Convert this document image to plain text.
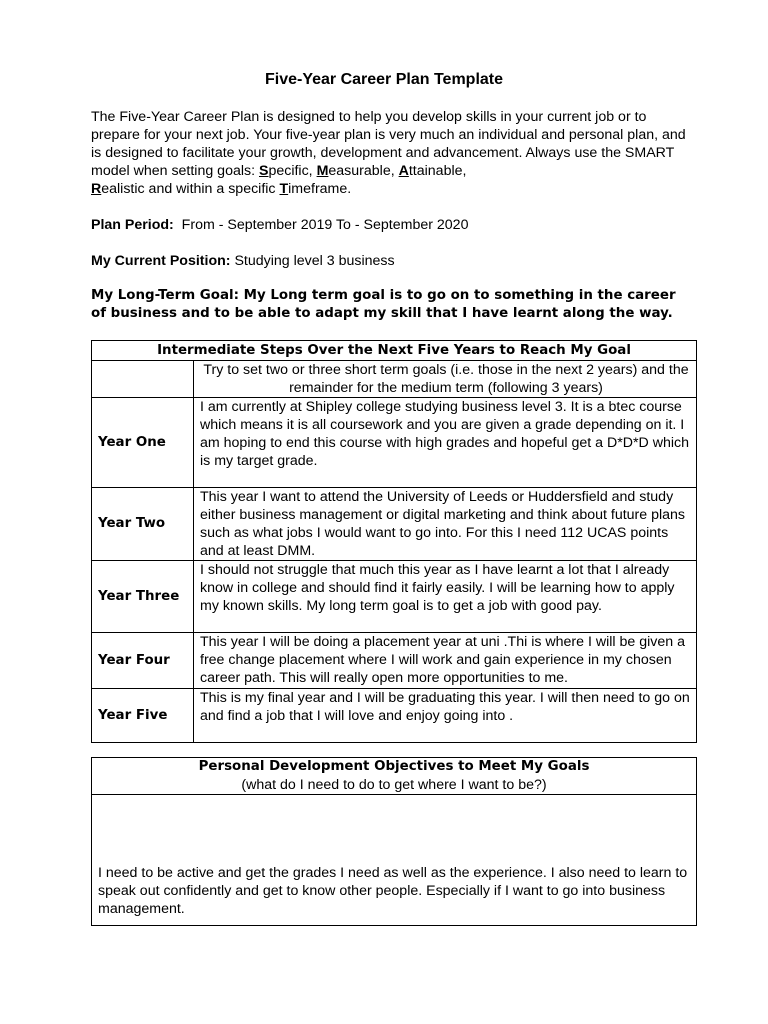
Five-Year Career Plan Template

The Five-Year Career Plan is designed to help you develop skills in your current job or to prepare for your next job. Your five-year plan is very much an individual and personal plan, and is designed to facilitate your growth, development and advancement. Always use the SMART model when setting goals: Specific, Measurable, Attainable,
Realistic and within a specific Timeframe.

Plan Period: From - September 2019 To - September 2020
My Current Position: Studying level 3 business
My Long-Term Goal: My Long term goal is to go on to something in the career of business and to be able to adapt my skill that I have learnt along the way.
Intermediate Steps Over the Next Five Years to Reach My Goal	
	Try to set two or three short term goals (i.e. those in the next 2 years) and the remainder for the medium term (following 3 years)
Year One	I am currently at Shipley college studying business level 3. It is a btec course which means it is all coursework and you are given a grade depending on it. I am hoping to end this course with high grades and hopeful get a D*D*D which is my target grade.
Year Two	This year I want to attend the University of Leeds or Huddersfield and study either business management or digital marketing and think about future plans such as what jobs I would want to go into. For this I need 112 UCAS points and at least DMM.
Year Three	I should not struggle that much this year as I have learnt a lot that I already know in college and should find it fairly easily. I will be learning how to apply my known skills. My long term goal is to get a job with good pay.
Year Four	This year I will be doing a placement year at uni .Thi is where I will be given a free change placement where I will work and gain experience in my chosen career path. This will really open more opportunities to me.
Year Five	This is my final year and I will be graduating this year. I will then need to go on and find a job that I will love and enjoy going into .
Personal Development Objectives to Meet My Goals
(what do I need to do to get where I want to be?)
I need to be active and get the grades I need as well as the experience. I also need to learn to speak out confidently and get to know other people. Especially if I want to go into business management.
